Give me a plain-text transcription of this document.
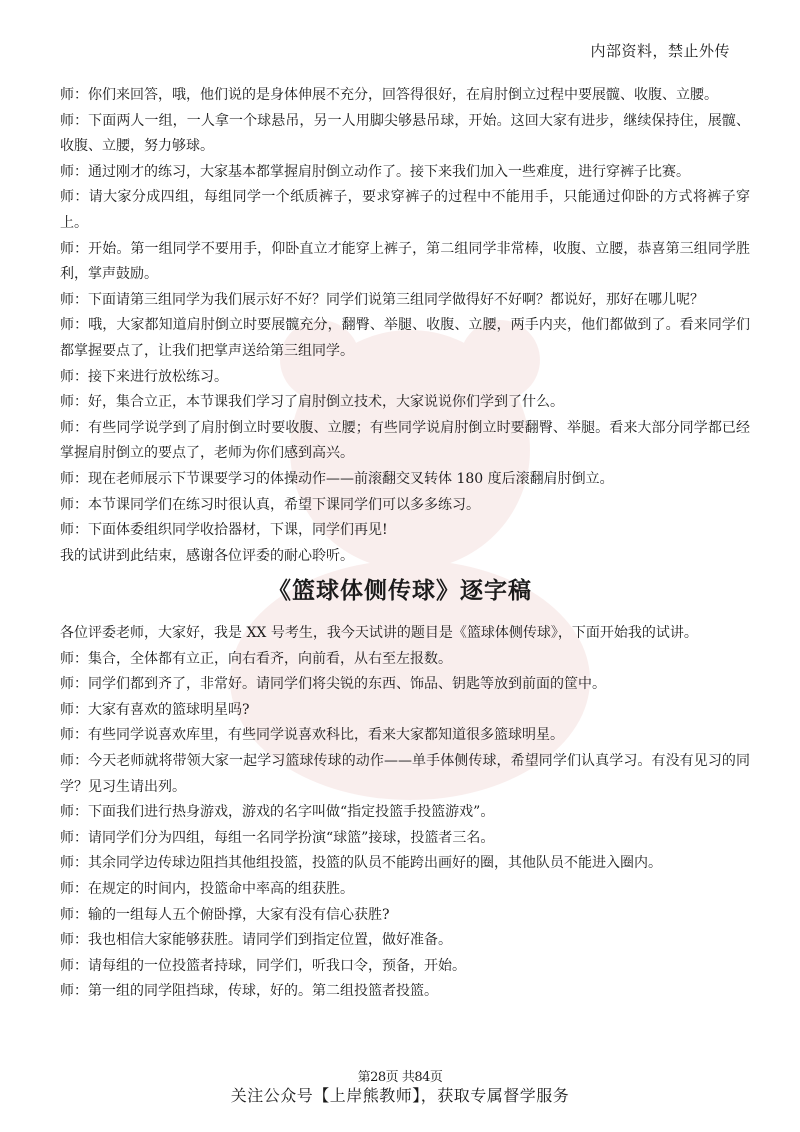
内部资料，禁止外传

师：你们来回答，哦，他们说的是身体伸展不充分，回答得很好，在肩肘倒立过程中要展髋、收腹、立腰。

师：下面两人一组，一人拿一个球悬吊，另一人用脚尖够悬吊球，开始。这回大家有进步，继续保持住，展髋、收腹、立腰，努力够球。

师：通过刚才的练习，大家基本都掌握肩肘倒立动作了。接下来我们加入一些难度，进行穿裤子比赛。

师：请大家分成四组，每组同学一个纸质裤子，要求穿裤子的过程中不能用手，只能通过仰卧的方式将裤子穿上。

师：开始。第一组同学不要用手，仰卧直立才能穿上裤子，第二组同学非常棒，收腹、立腰，恭喜第三组同学胜利，掌声鼓励。

师：下面请第三组同学为我们展示好不好？同学们说第三组同学做得好不好啊？都说好，那好在哪儿呢？

师：哦，大家都知道肩肘倒立时要展髋充分，翻臀、举腿、收腹、立腰，两手内夹，他们都做到了。看来同学们都掌握要点了，让我们把掌声送给第三组同学。

师：接下来进行放松练习。

师：好，集合立正，本节课我们学习了肩肘倒立技术，大家说说你们学到了什么。

师：有些同学说学到了肩肘倒立时要收腹、立腰；有些同学说肩肘倒立时要翻臀、举腿。看来大部分同学都已经掌握肩肘倒立的要点了，老师为你们感到高兴。

师：现在老师展示下节课要学习的体操动作——前滚翻交叉转体 180 度后滚翻肩肘倒立。

师：本节课同学们在练习时很认真，希望下课同学们可以多多练习。

师：下面体委组织同学收拾器材，下课，同学们再见!

我的试讲到此结束，感谢各位评委的耐心聆听。

《篮球体侧传球》逐字稿

各位评委老师，大家好，我是 XX 号考生，我今天试讲的题目是《篮球体侧传球》，下面开始我的试讲。

师：集合，全体都有立正，向右看齐，向前看，从右至左报数。

师：同学们都到齐了，非常好。请同学们将尖锐的东西、饰品、钥匙等放到前面的筐中。

师：大家有喜欢的篮球明星吗?

师：有些同学说喜欢库里，有些同学说喜欢科比，看来大家都知道很多篮球明星。

师：今天老师就将带领大家一起学习篮球传球的动作——单手体侧传球，希望同学们认真学习。有没有见习的同学？见习生请出列。

师：下面我们进行热身游戏，游戏的名字叫做“指定投篮手投篮游戏”。

师：请同学们分为四组，每组一名同学扮演“球篮”接球，投篮者三名。

师：其余同学边传球边阻挡其他组投篮，投篮的队员不能跨出画好的圈，其他队员不能进入圈内。

师：在规定的时间内，投篮命中率高的组获胜。

师：输的一组每人五个俯卧撑，大家有没有信心获胜?

师：我也相信大家能够获胜。请同学们到指定位置，做好准备。

师：请每组的一位投篮者持球，同学们，听我口令，预备，开始。

师：第一组的同学阻挡球，传球，好的。第二组投篮者投篮。

第28页 共84页
关注公众号【上岸熊教师】，获取专属督学服务
